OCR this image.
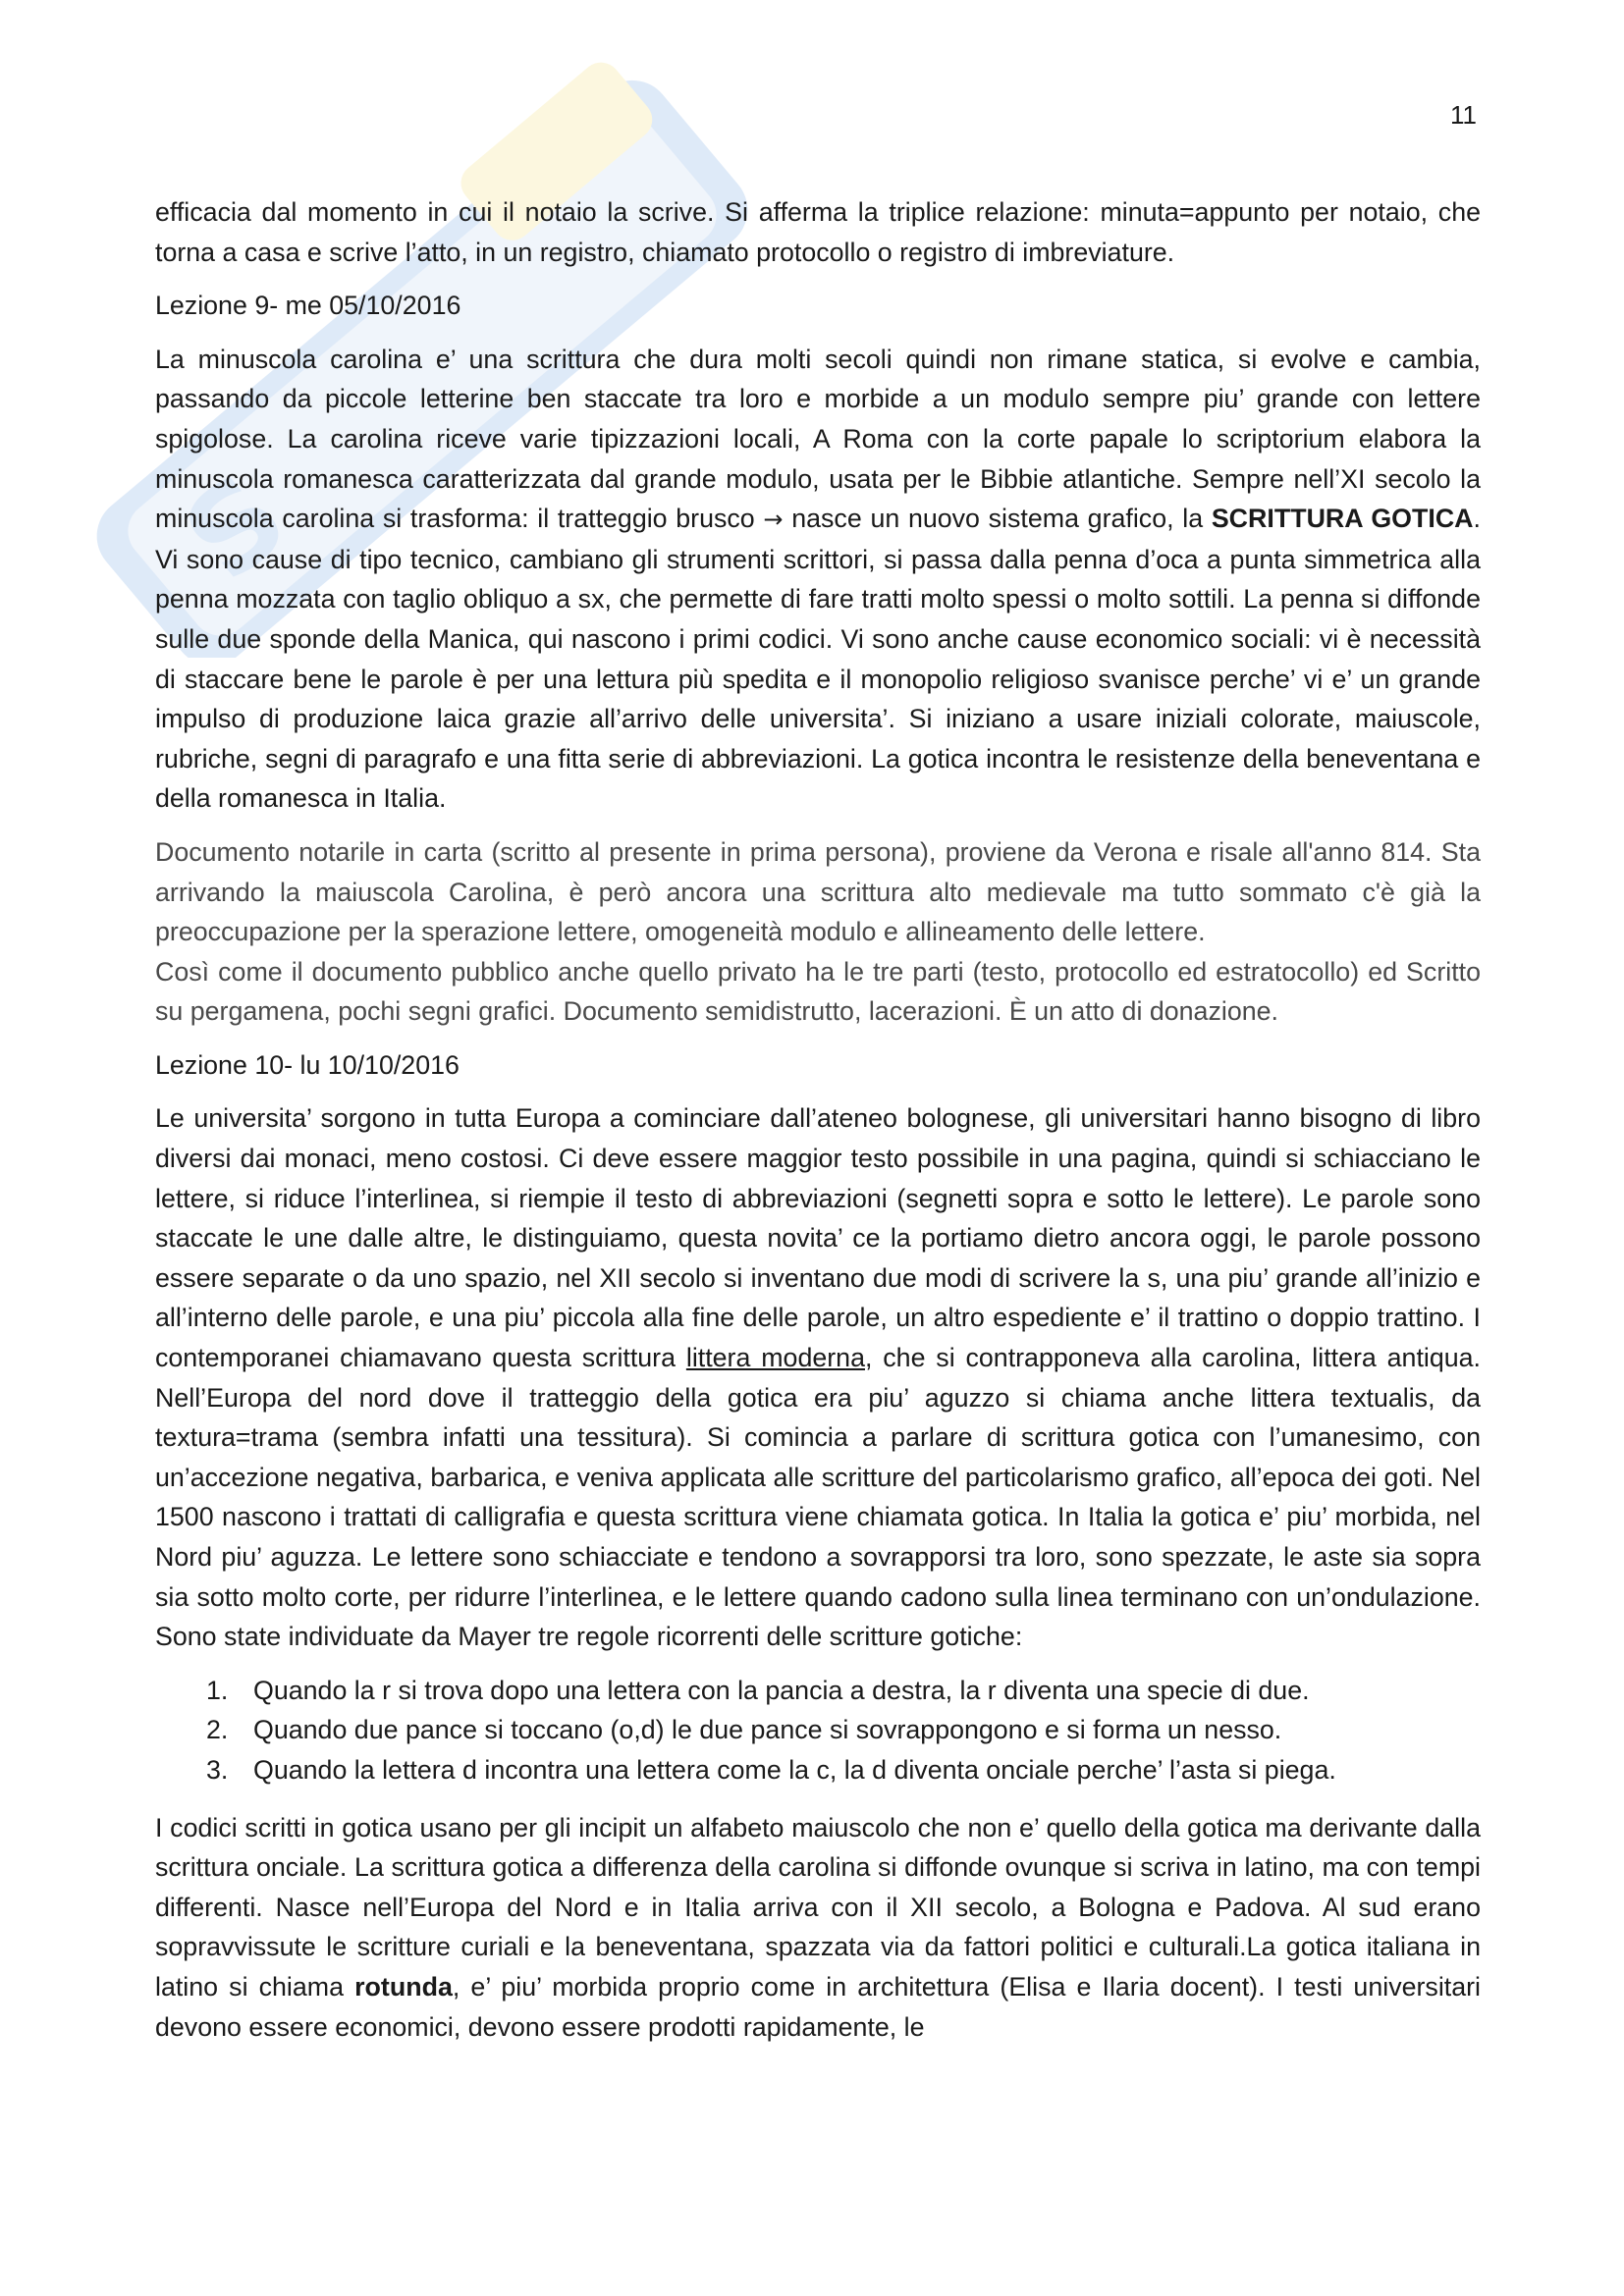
S
11

efficacia dal momento in cui il notaio la scrive. Si afferma la triplice relazione: minuta=appunto per notaio, che torna a casa e scrive l’atto, in un registro, chiamato protocollo o registro di imbreviature.

Lezione 9- me 05/10/2016

La minuscola carolina e’ una scrittura che dura molti secoli quindi non rimane statica, si evolve e cambia, passando da piccole letterine ben staccate tra loro e morbide a un modulo sempre piu’ grande con lettere spigolose. La carolina riceve varie tipizzazioni locali, A Roma con la corte papale lo scriptorium elabora la minuscola romanesca caratterizzata dal grande modulo, usata per le Bibbie atlantiche. Sempre nell’XI secolo la minuscola carolina si trasforma: il tratteggio brusco → nasce un nuovo sistema grafico, la SCRITTURA GOTICA. Vi sono cause di tipo tecnico, cambiano gli strumenti scrittori, si passa dalla penna d’oca a punta simmetrica alla penna mozzata con taglio obliquo a sx, che permette di fare tratti molto spessi o molto sottili. La penna si diffonde sulle due sponde della Manica, qui nascono i primi codici. Vi sono anche cause economico sociali: vi è necessità di staccare bene le parole è per una lettura più spedita e il monopolio religioso svanisce perche’ vi e’ un grande impulso di produzione laica grazie all’arrivo delle universita’. Si iniziano a usare iniziali colorate, maiuscole, rubriche, segni di paragrafo e una fitta serie di abbreviazioni. La gotica incontra le resistenze della beneventana e della romanesca in Italia.

Documento notarile in carta (scritto al presente in prima persona), proviene da Verona e risale all'anno 814. Sta arrivando la maiuscola Carolina, è però ancora una scrittura alto medievale ma tutto sommato c'è già la preoccupazione per la sperazione lettere, omogeneità modulo e allineamento delle lettere.

Così come il documento pubblico anche quello privato ha le tre parti (testo, protocollo ed estratocollo) ed Scritto su pergamena, pochi segni grafici. Documento semidistrutto, lacerazioni. È un atto di donazione.

Lezione 10- lu 10/10/2016

Le universita’ sorgono in tutta Europa a cominciare dall’ateneo bolognese, gli universitari hanno bisogno di libro diversi dai monaci, meno costosi. Ci deve essere maggior testo possibile in una pagina, quindi si schiacciano le lettere, si riduce l’interlinea, si riempie il testo di abbreviazioni (segnetti sopra e sotto le lettere). Le parole sono staccate le une dalle altre, le distinguiamo, questa novita’ ce la portiamo dietro ancora oggi, le parole possono essere separate o da uno spazio, nel XII secolo si inventano due modi di scrivere la s, una piu’ grande all’inizio e all’interno delle parole, e una piu’ piccola alla fine delle parole, un altro espediente e’ il trattino o doppio trattino. I contemporanei chiamavano questa scrittura littera moderna, che si contrapponeva alla carolina, littera antiqua. Nell’Europa del nord dove il tratteggio della gotica era piu’ aguzzo si chiama anche littera textualis, da textura=trama (sembra infatti una tessitura). Si comincia a parlare di scrittura gotica con l’umanesimo, con un’accezione negativa, barbarica, e veniva applicata alle scritture del particolarismo grafico, all’epoca dei goti. Nel 1500 nascono i trattati di calligrafia e questa scrittura viene chiamata gotica. In Italia la gotica e’ piu’ morbida, nel Nord piu’ aguzza. Le lettere sono schiacciate e tendono a sovrapporsi tra loro, sono spezzate, le aste sia sopra sia sotto molto corte, per ridurre l’interlinea, e le lettere quando cadono sulla linea terminano con un’ondulazione. Sono state individuate da Mayer tre regole ricorrenti delle scritture gotiche:

1. Quando la r si trova dopo una lettera con la pancia a destra, la r diventa una specie di due.
2. Quando due pance si toccano (o,d) le due pance si sovrappongono e si forma un nesso.
3. Quando la lettera d incontra una lettera come la c, la d diventa onciale perche’ l’asta si piega.

I codici scritti in gotica usano per gli incipit un alfabeto maiuscolo che non e’ quello della gotica ma derivante dalla scrittura onciale. La scrittura gotica a differenza della carolina si diffonde ovunque si scriva in latino, ma con tempi differenti. Nasce nell’Europa del Nord e in Italia arriva con il XII secolo, a Bologna e Padova. Al sud erano sopravvissute le scritture curiali e la beneventana, spazzata via da fattori politici e culturali.La gotica italiana in latino si chiama rotunda, e’ piu’ morbida proprio come in architettura (Elisa e Ilaria docent). I testi universitari devono essere economici, devono essere prodotti rapidamente, le
